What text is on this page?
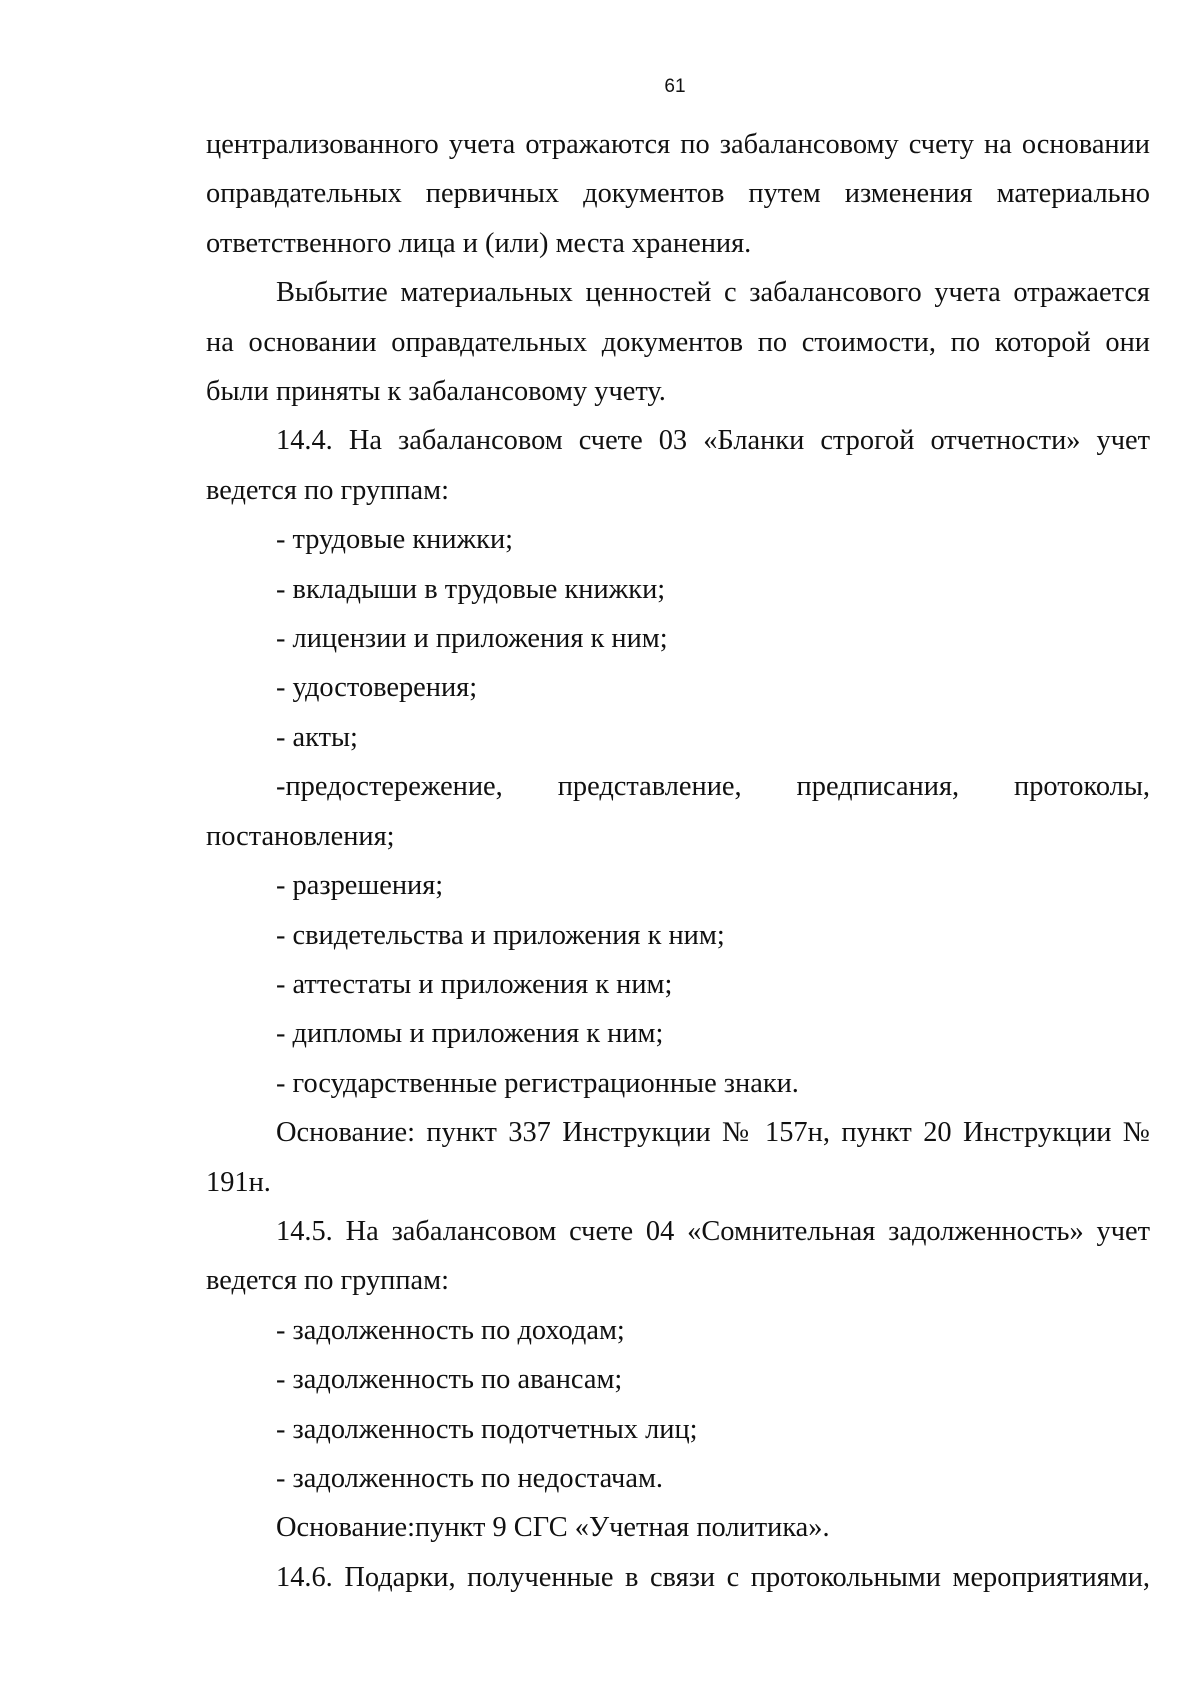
61

централизованного учета отражаются по забалансовому счету на основании оправдательных первичных документов путем изменения материально ответственного лица и (или) места хранения.

Выбытие материальных ценностей с забалансового учета отражается на основании оправдательных документов по стоимости, по которой они были приняты к забалансовому учету.

14.4. На забалансовом счете 03 «Бланки строгой отчетности» учет ведется по группам:

- трудовые книжки;

- вкладыши в трудовые книжки;

- лицензии и приложения к ним;

- удостоверения;

- акты;

-предостережение, представление, предписания, протоколы, постановления;

- разрешения;

- свидетельства и приложения к ним;

- аттестаты и приложения к ним;

- дипломы и приложения к ним;

- государственные регистрационные знаки.

Основание: пункт 337 Инструкции № 157н, пункт 20 Инструкции № 191н.

14.5. На забалансовом счете 04 «Сомнительная задолженность» учет ведется по группам:

- задолженность по доходам;

- задолженность по авансам;

- задолженность подотчетных лиц;

- задолженность по недостачам.

Основание:пункт 9 СГС «Учетная политика».

14.6. Подарки, полученные в связи с протокольными мероприятиями,
